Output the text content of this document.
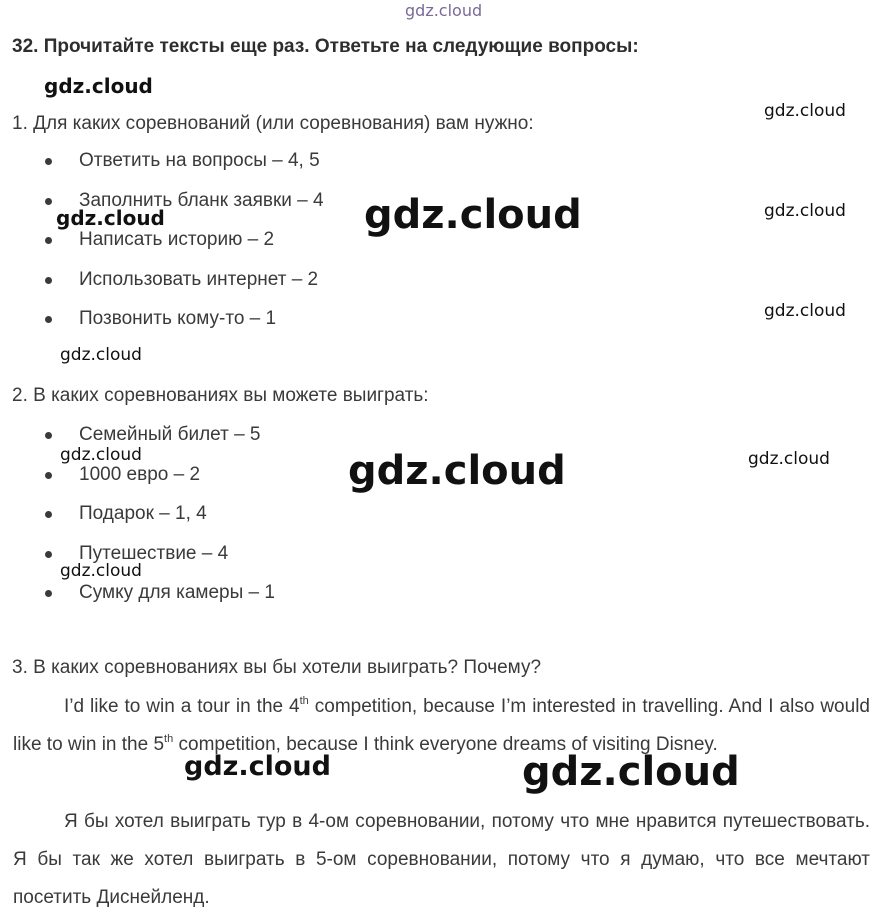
gdz.cloud
32. Прочитайте тексты еще раз. Ответьте на следующие вопросы:
1. Для каких соревнований (или соревнования) вам нужно:
Ответить на вопросы – 4, 5
Заполнить бланк заявки – 4
Написать историю – 2
Использовать интернет – 2
Позвонить кому-то – 1
2. В каких соревнованиях вы можете выиграть:
Семейный билет – 5
1000 евро – 2
Подарок – 1, 4
Путешествие – 4
Сумку для камеры – 1
3. В каких соревнованиях вы бы хотели выиграть? Почему?

I’d like to win a tour in the 4th competition, because I’m interested in travelling. And I also would like to win in the 5th competition, because I think everyone dreams of visiting Disney.

Я бы хотел выиграть тур в 4-ом соревновании, потому что мне нравится путешествовать. Я бы так же хотел выиграть в 5-ом соревновании, потому что я думаю, что все мечтают посетить Диснейленд.

gdz.cloud
gdz.cloud
gdz.cloud	gdz.cloud	gdz.cloud
gdz.cloud
gdz.cloud
gdz.cloud	gdz.cloud	gdz.cloud
gdz.cloud
gdz.cloud	gdz.cloud
